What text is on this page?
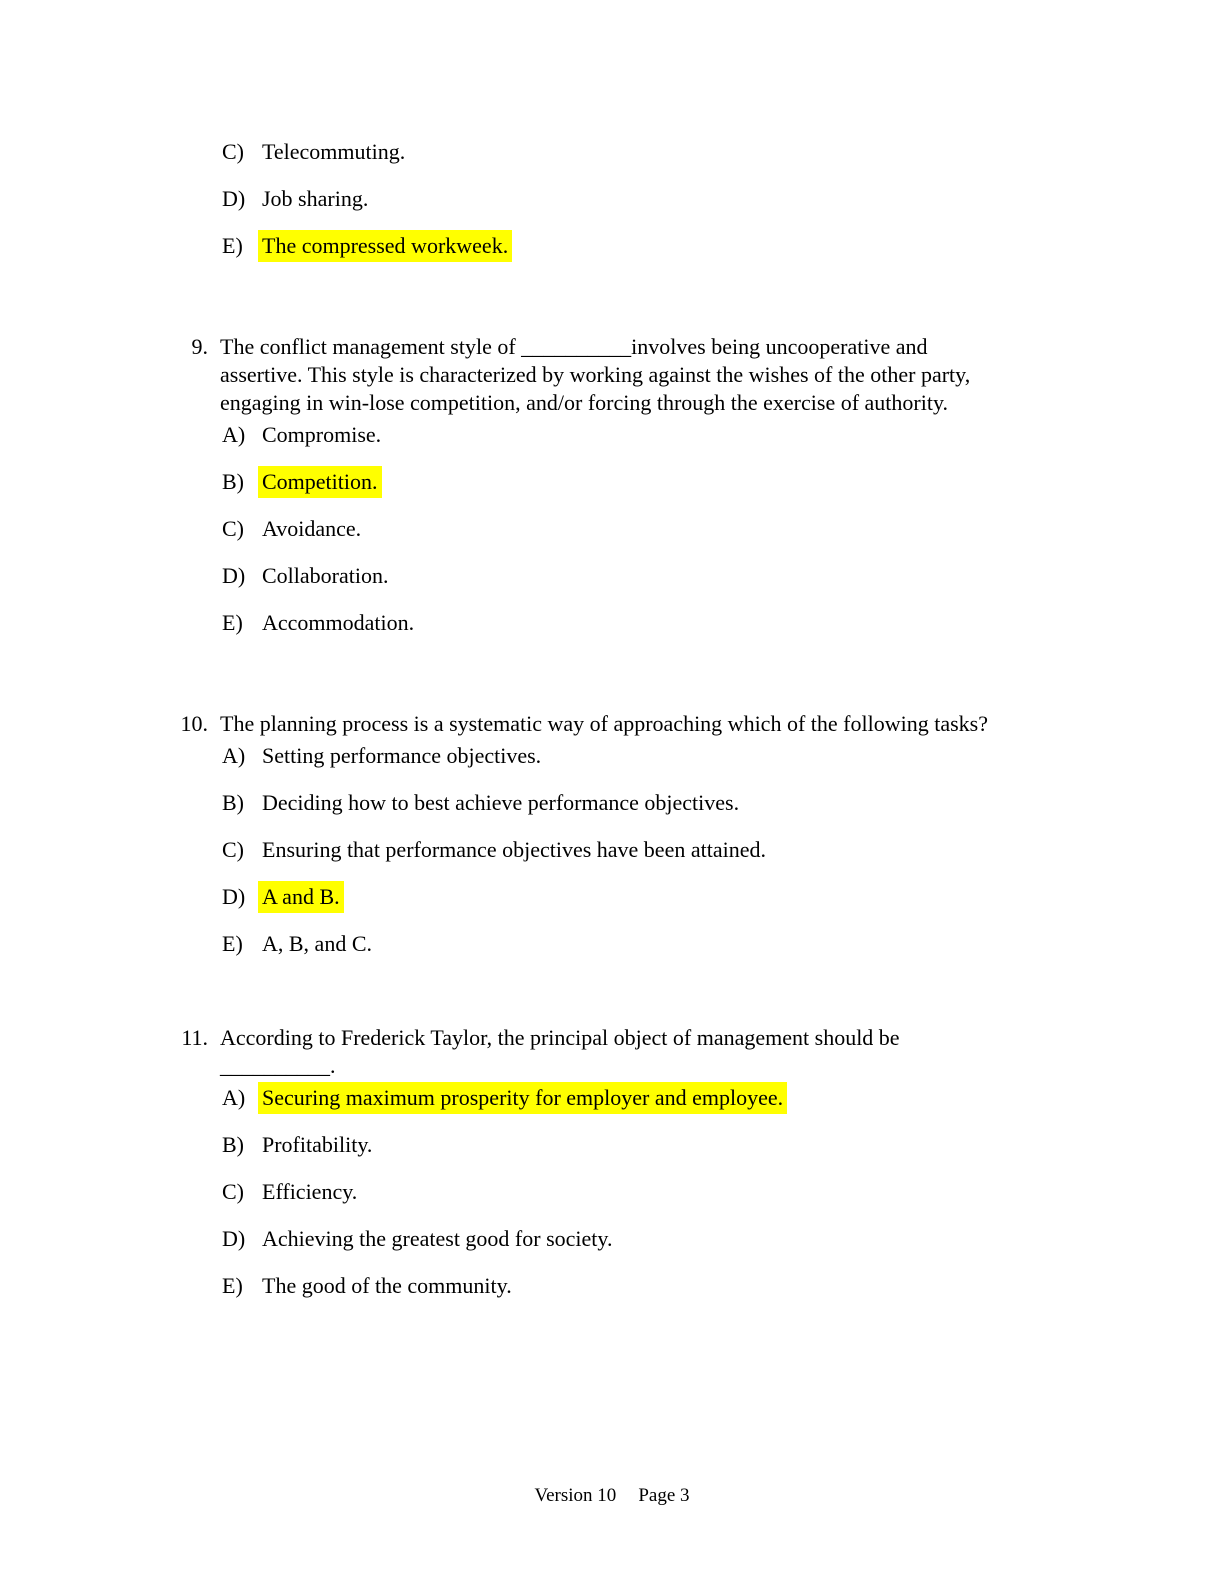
C) Telecommuting.
D) Job sharing.
E) The compressed workweek.
9. The conflict management style of __________involves being uncooperative and
assertive. This style is characterized by working against the wishes of the other party,
engaging in win-lose competition, and/or forcing through the exercise of authority.
A) Compromise.
B) Competition.
C) Avoidance.
D) Collaboration.
E) Accommodation.
10. The planning process is a systematic way of approaching which of the following tasks?
A) Setting performance objectives.
B) Deciding how to best achieve performance objectives.
C) Ensuring that performance objectives have been attained.
D) A and B.
E) A, B, and C.
11. According to Frederick Taylor, the principal object of management should be
__________.
A) Securing maximum prosperity for employer and employee.
B) Profitability.
C) Efficiency.
D) Achieving the greatest good for society.
E) The good of the community.
Version 10 Page 3
